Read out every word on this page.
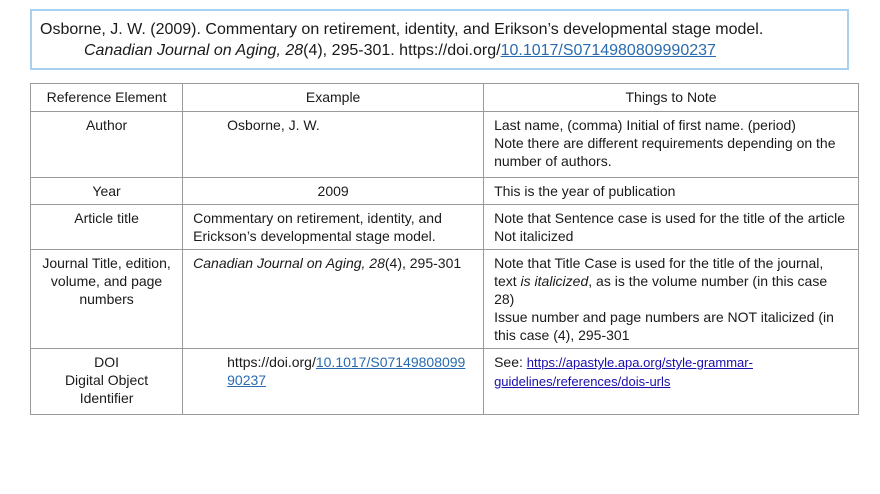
Osborne, J. W. (2009). Commentary on retirement, identity, and Erikson’s developmental stage model.
Canadian Journal on Aging, 28(4), 295-301. https://doi.org/10.1017/S0714980809990237
Reference Element	Example	Things to Note
Author	Osborne, J. W.	Last name, (comma) Initial of first name. (period)
Note there are different requirements depending on the number of authors.

Year	2009	This is the year of publication
Article title	Commentary on retirement, identity, and Erickson’s developmental stage model.	Note that Sentence case is used for the title of the article
Not italicized

Journal Title, edition, volume, and page numbers	Canadian Journal on Aging, 28(4), 295-301	Note that Title Case is used for the title of the journal, text is italicized, as is the volume number (in this case 28)
Issue number and page numbers are NOT italicized (in this case (4), 295-301

DOI
Digital Object
Identifier	https://doi.org/10.1017/S0714980809990237	See: https://apastyle.apa.org/style-grammar-guidelines/references/dois-urls
